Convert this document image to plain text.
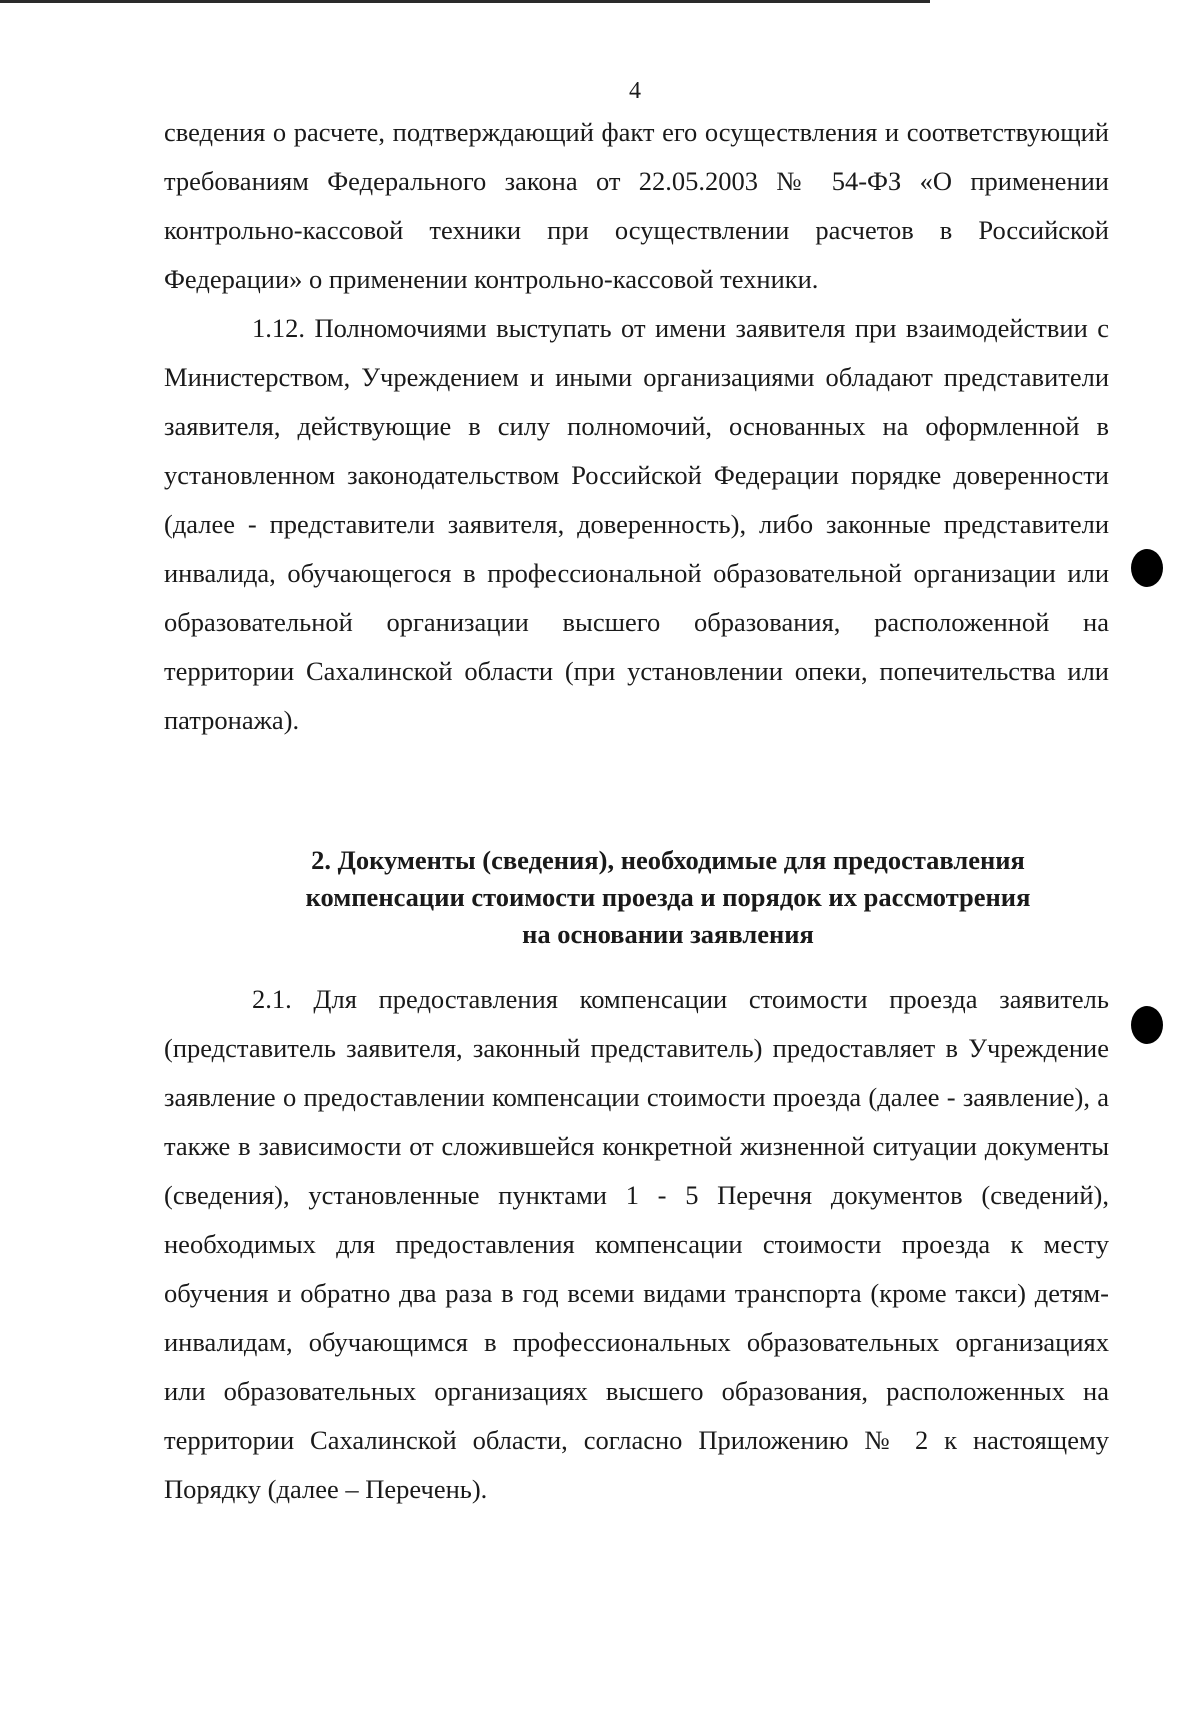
4

сведения о расчете, подтверждающий факт его осуществления и соответствующий требованиям Федерального закона от 22.05.2003 № 54-ФЗ «О применении контрольно-кассовой техники при осуществлении расчетов в Российской Федерации» о применении контрольно-кассовой техники.

1.12. Полномочиями выступать от имени заявителя при взаимодействии с Министерством, Учреждением и иными организациями обладают представители заявителя, действующие в силу полномочий, основанных на оформленной в установленном законодательством Российской Федерации порядке доверенности (далее - представители заявителя, доверенность), либо законные представители инвалида, обучающегося в профессиональной образовательной организации или образовательной организации высшего образования, расположенной на территории Сахалинской области (при установлении опеки, попечительства или патронажа).

2. Документы (сведения), необходимые для предоставления
компенсации стоимости проезда и порядок их рассмотрения
на основании заявления

2.1. Для предоставления компенсации стоимости проезда заявитель (представитель заявителя, законный представитель) предоставляет в Учреждение заявление о предоставлении компенсации стоимости проезда (далее - заявление), а также в зависимости от сложившейся конкретной жизненной ситуации документы (сведения), установленные пунктами 1 - 5 Перечня документов (сведений), необходимых для предоставления компенсации стоимости проезда к месту обучения и обратно два раза в год всеми видами транспорта (кроме такси) детям-инвалидам, обучающимся в профессиональных образовательных организациях или образовательных организациях высшего образования, расположенных на территории Сахалинской области, согласно Приложению № 2 к настоящему Порядку (далее – Перечень).
